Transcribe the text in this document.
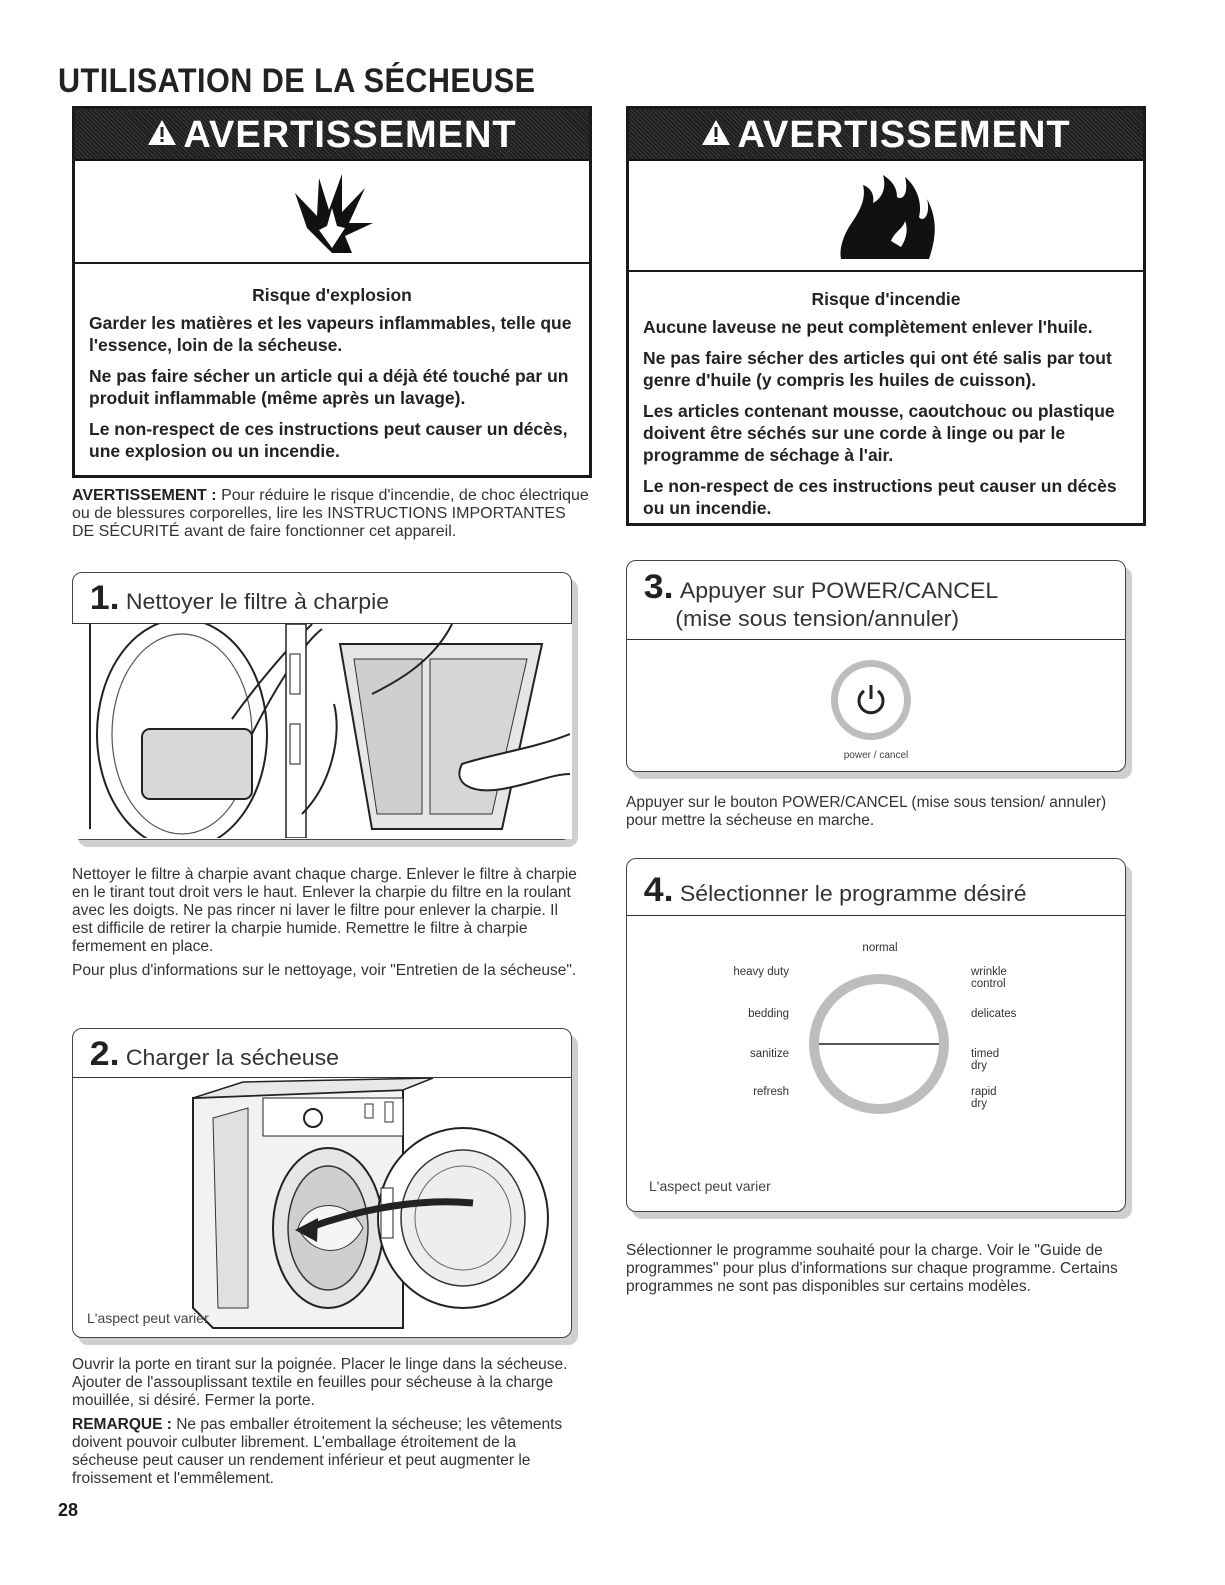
UTILISATION DE LA SÉCHEUSE
AVERTISSEMENT
Risque d'explosion

Garder les matières et les vapeurs inflammables, telle que l'essence, loin de la sécheuse.

Ne pas faire sécher un article qui a déjà été touché par un produit inflammable (même après un lavage).

Le non-respect de ces instructions peut causer un décès, une explosion ou un incendie.

AVERTISSEMENT
Risque d'incendie

Aucune laveuse ne peut complètement enlever l'huile.

Ne pas faire sécher des articles qui ont été salis par tout genre d'huile (y compris les huiles de cuisson).

Les articles contenant mousse, caoutchouc ou plastique doivent être séchés sur une corde à linge ou par le programme de séchage à l'air.

Le non-respect de ces instructions peut causer un décès ou un incendie.

AVERTISSEMENT : Pour réduire le risque d'incendie, de choc électrique ou de blessures corporelles, lire les INSTRUCTIONS IMPORTANTES DE SÉCURITÉ avant de faire fonctionner cet appareil.
1. Nettoyer le filtre à charpie

Nettoyer le filtre à charpie avant chaque charge. Enlever le filtre à charpie en le tirant tout droit vers le haut. Enlever la charpie du filtre en la roulant avec les doigts. Ne pas rincer ni laver le filtre pour enlever la charpie. Il est difficile de retirer la charpie humide. Remettre le filtre à charpie fermement en place.

Pour plus d'informations sur le nettoyage, voir "Entretien de la sécheuse".

2. Charger la sécheuse
L'aspect peut varier

Ouvrir la porte en tirant sur la poignée. Placer le linge dans la sécheuse. Ajouter de l'assouplissant textile en feuilles pour sécheuse à la charge mouillée, si désiré. Fermer la porte.

REMARQUE : Ne pas emballer étroitement la sécheuse; les vêtements doivent pouvoir culbuter librement. L'emballage étroitement de la sécheuse peut causer un rendement inférieur et peut augmenter le froissement et l'emmêlement.

28
3. Appuyer sur POWER/CANCEL
(mise sous tension/annuler)
power / cancel
Appuyer sur le bouton POWER/CANCEL (mise sous tension/ annuler) pour mettre la sécheuse en marche.
4. Sélectionner le programme désiré
normal
heavy duty
bedding
sanitize
refresh
wrinkle control
delicates
timed dry
rapid dry
L'aspect peut varier
Sélectionner le programme souhaité pour la charge. Voir le "Guide de programmes" pour plus d'informations sur chaque programme. Certains programmes ne sont pas disponibles sur certains modèles.
